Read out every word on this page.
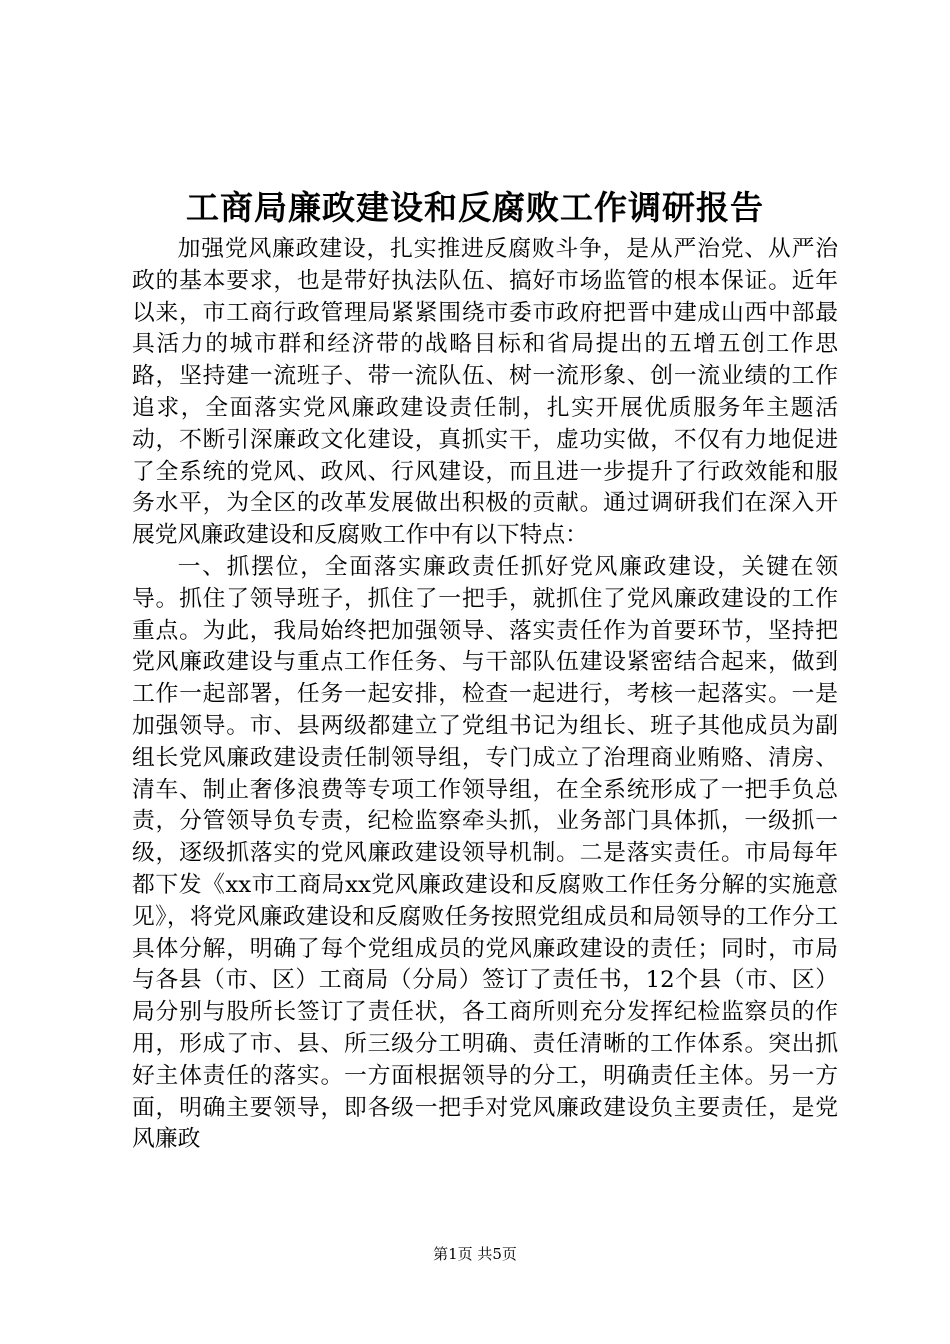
工商局廉政建设和反腐败工作调研报告

加强党风廉政建设，扎实推进反腐败斗争，是从严治党、从严治政的基本要求，也是带好执法队伍、搞好市场监管的根本保证。近年以来，市工商行政管理局紧紧围绕市委市政府把晋中建成山西中部最具活力的城市群和经济带的战略目标和省局提出的五增五创工作思路，坚持建一流班子、带一流队伍、树一流形象、创一流业绩的工作追求，全面落实党风廉政建设责任制，扎实开展优质服务年主题活动，不断引深廉政文化建设，真抓实干，虚功实做，不仅有力地促进了全系统的党风、政风、行风建设，而且进一步提升了行政效能和服务水平，为全区的改革发展做出积极的贡献。通过调研我们在深入开展党风廉政建设和反腐败工作中有以下特点：

一、抓摆位，全面落实廉政责任抓好党风廉政建设，关键在领导。抓住了领导班子，抓住了一把手，就抓住了党风廉政建设的工作重点。为此，我局始终把加强领导、落实责任作为首要环节，坚持把党风廉政建设与重点工作任务、与干部队伍建设紧密结合起来，做到工作一起部署，任务一起安排，检查一起进行，考核一起落实。一是加强领导。市、县两级都建立了党组书记为组长、班子其他成员为副组长党风廉政建设责任制领导组，专门成立了治理商业贿赂、清房、清车、制止奢侈浪费等专项工作领导组，在全系统形成了一把手负总责，分管领导负专责，纪检监察牵头抓，业务部门具体抓，一级抓一级，逐级抓落实的党风廉政建设领导机制。二是落实责任。市局每年都下发《xx市工商局xx党风廉政建设和反腐败工作任务分解的实施意见》，将党风廉政建设和反腐败任务按照党组成员和局领导的工作分工具体分解，明确了每个党组成员的党风廉政建设的责任；同时，市局与各县（市、区）工商局（分局）签订了责任书，12个县（市、区）局分别与股所长签订了责任状，各工商所则充分发挥纪检监察员的作用，形成了市、县、所三级分工明确、责任清晰的工作体系。突出抓好主体责任的落实。一方面根据领导的分工，明确责任主体。另一方面，明确主要领导，即各级一把手对党风廉政建设负主要责任，是党风廉政

第1页 共5页
